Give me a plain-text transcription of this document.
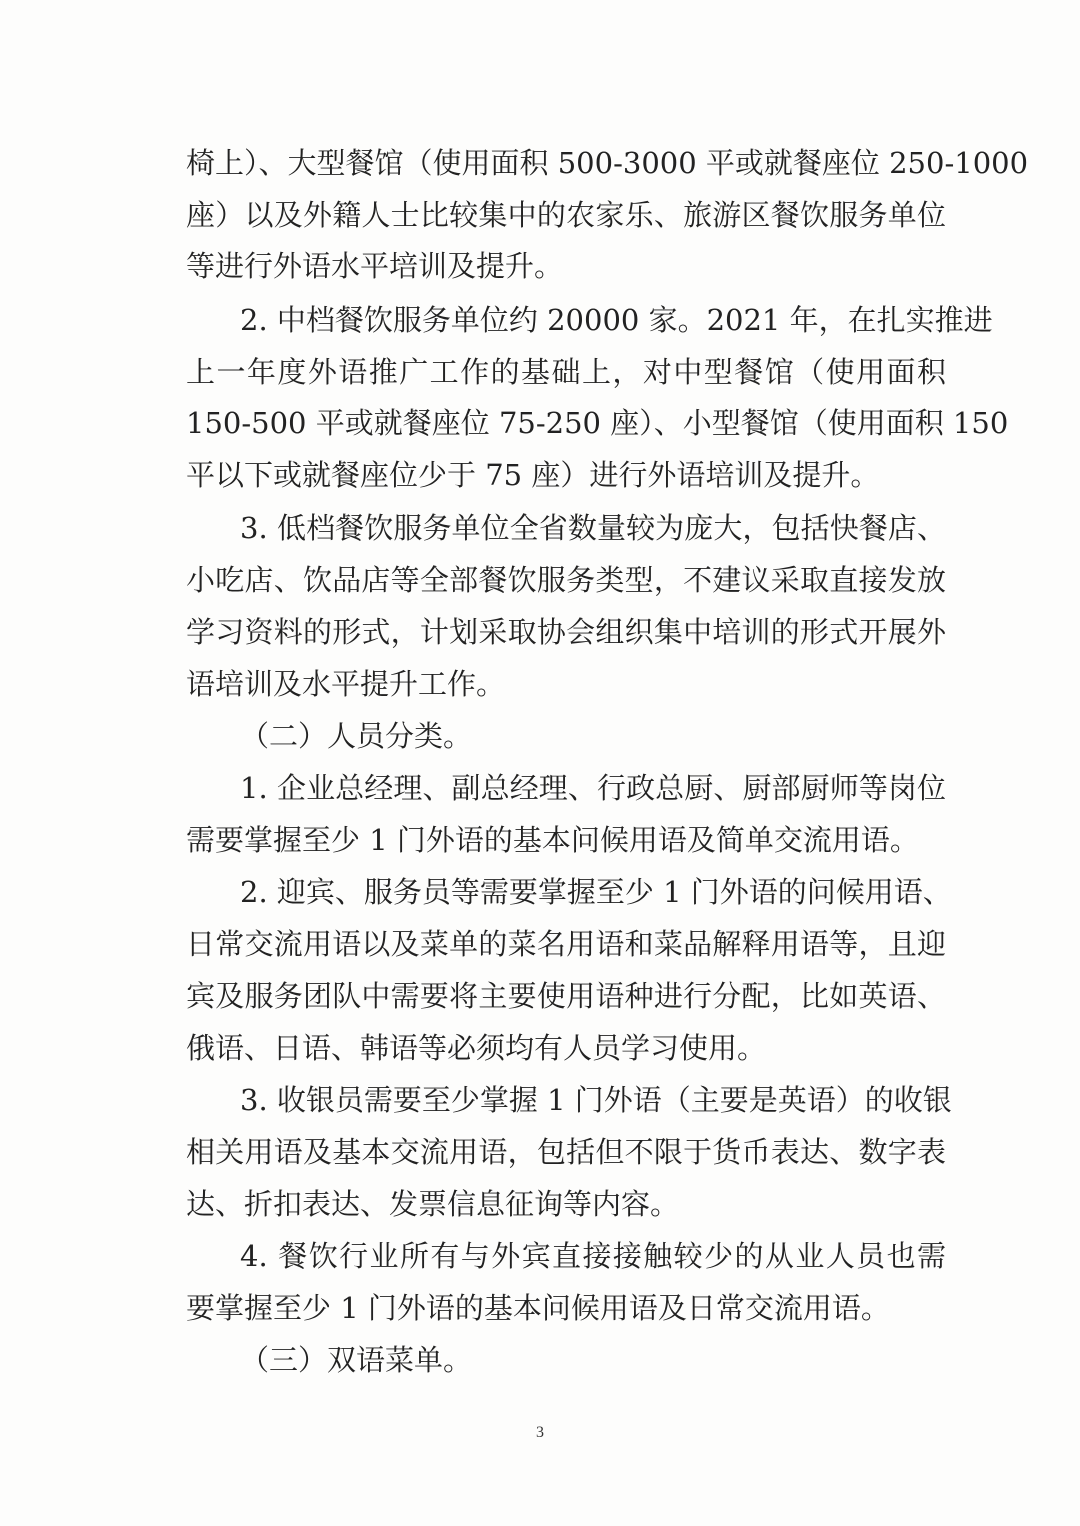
椅上）、大型餐馆（使用面积 500-3000 平或就餐座位 250-1000
座）以及外籍人士比较集中的农家乐、旅游区餐饮服务单位
等进行外语水平培训及提升。
2. 中档餐饮服务单位约 20000 家。2021 年，在扎实推进
上一年度外语推广工作的基础上，对中型餐馆（使用面积
150-500 平或就餐座位 75-250 座）、小型餐馆（使用面积 150
平以下或就餐座位少于 75 座）进行外语培训及提升。
3. 低档餐饮服务单位全省数量较为庞大，包括快餐店、
小吃店、饮品店等全部餐饮服务类型，不建议采取直接发放
学习资料的形式，计划采取协会组织集中培训的形式开展外
语培训及水平提升工作。
（二）人员分类。
1. 企业总经理、副总经理、行政总厨、厨部厨师等岗位
需要掌握至少 1 门外语的基本问候用语及简单交流用语。
2. 迎宾、服务员等需要掌握至少 1 门外语的问候用语、
日常交流用语以及菜单的菜名用语和菜品解释用语等，且迎
宾及服务团队中需要将主要使用语种进行分配，比如英语、
俄语、日语、韩语等必须均有人员学习使用。
3. 收银员需要至少掌握 1 门外语（主要是英语）的收银
相关用语及基本交流用语，包括但不限于货币表达、数字表
达、折扣表达、发票信息征询等内容。
4. 餐饮行业所有与外宾直接接触较少的从业人员也需
要掌握至少 1 门外语的基本问候用语及日常交流用语。
（三）双语菜单。
3
